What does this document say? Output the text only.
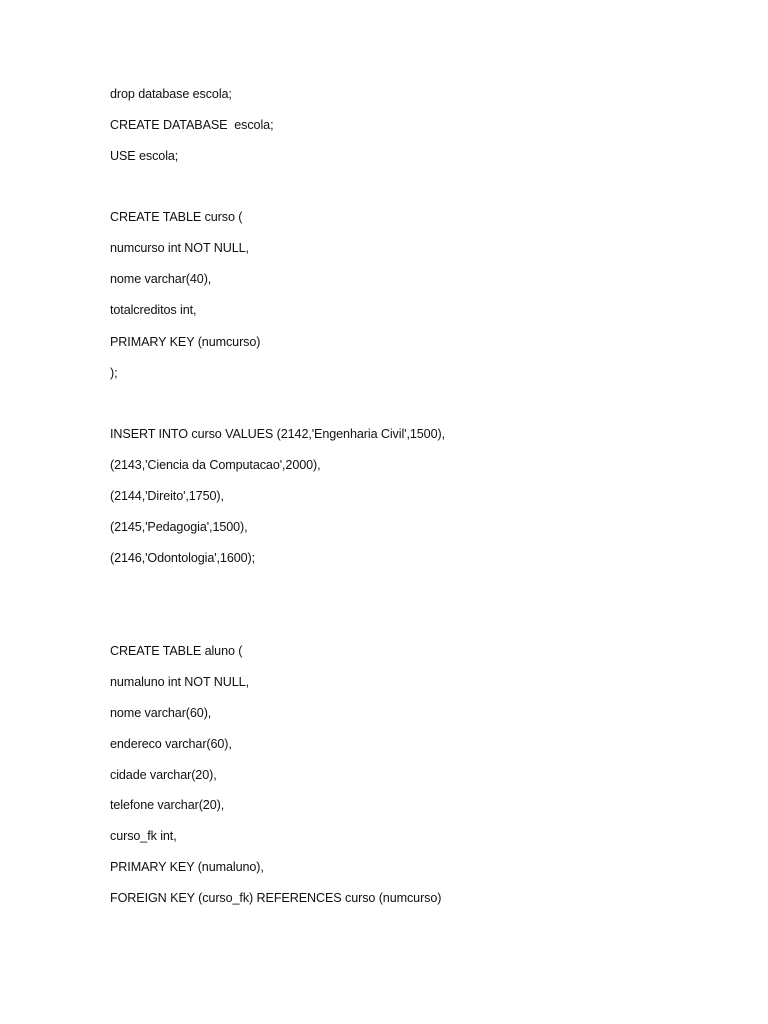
drop database escola;

CREATE DATABASE  escola;

USE escola;

CREATE TABLE curso (

numcurso int NOT NULL,

nome varchar(40),

totalcreditos int,

PRIMARY KEY (numcurso)

);

INSERT INTO curso VALUES (2142,'Engenharia Civil',1500),

(2143,'Ciencia da Computacao',2000),

(2144,'Direito',1750),

(2145,'Pedagogia',1500),

(2146,'Odontologia',1600);

CREATE TABLE aluno (

numaluno int NOT NULL,

nome varchar(60),

endereco varchar(60),

cidade varchar(20),

telefone varchar(20),

curso_fk int,

PRIMARY KEY (numaluno),

FOREIGN KEY (curso_fk) REFERENCES curso (numcurso)
